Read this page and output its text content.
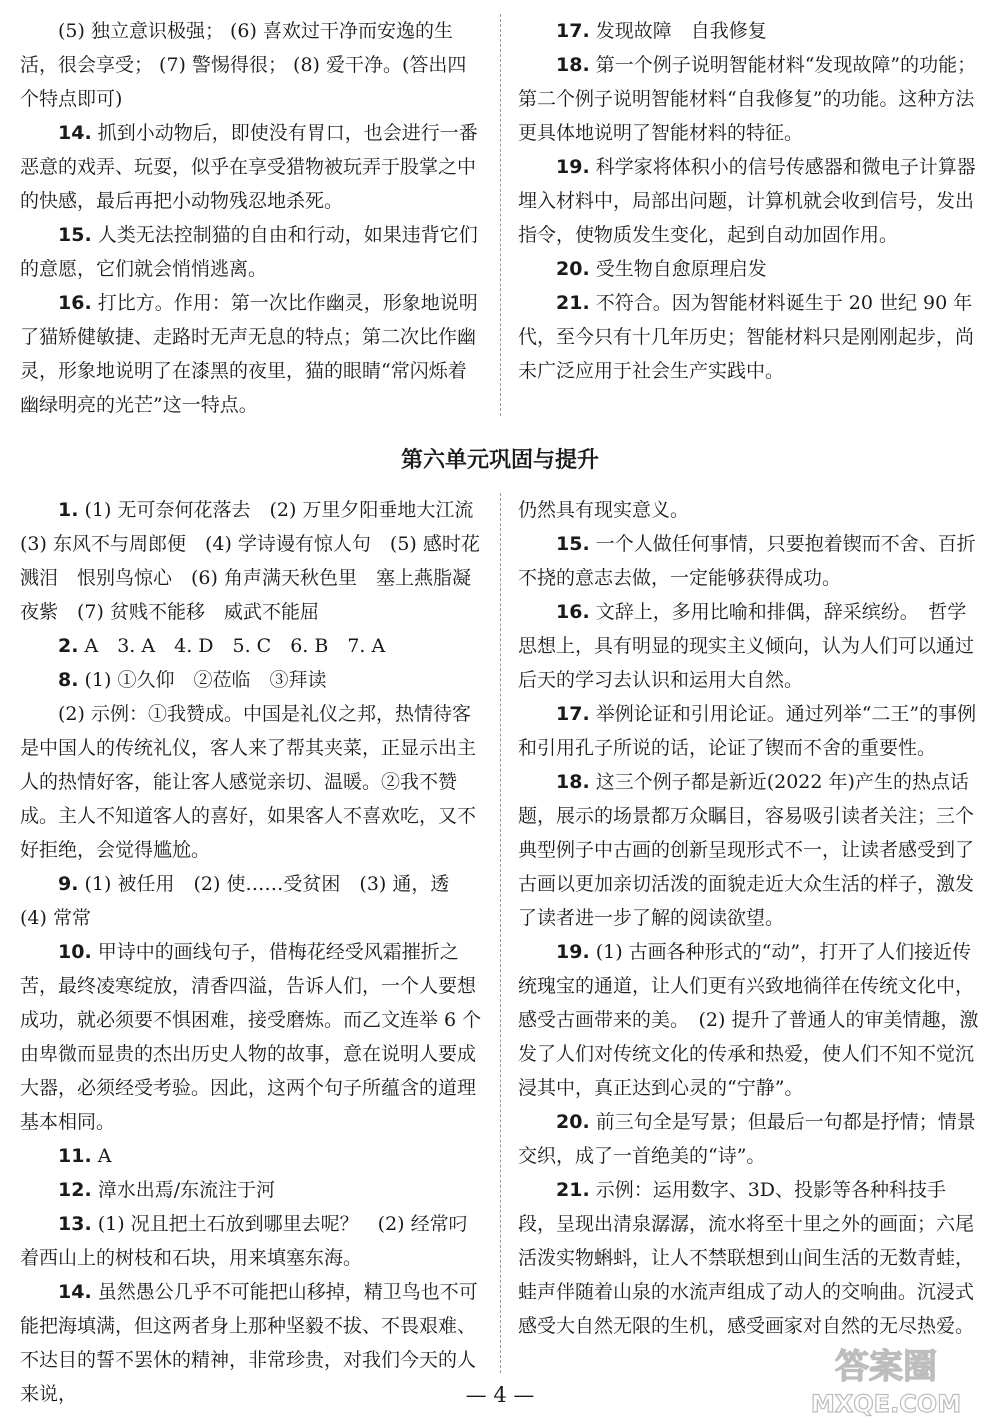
(5) 独立意识极强； (6) 喜欢过干净而安逸的生活，很会享受； (7) 警惕得很； (8) 爱干净。(答出四个特点即可)

14. 抓到小动物后，即使没有胃口，也会进行一番恶意的戏弄、玩耍，似乎在享受猎物被玩弄于股掌之中的快感，最后再把小动物残忍地杀死。

15. 人类无法控制猫的自由和行动，如果违背它们的意愿，它们就会悄悄逃离。

16. 打比方。作用：第一次比作幽灵，形象地说明了猫矫健敏捷、走路时无声无息的特点；第二次比作幽灵，形象地说明了在漆黑的夜里，猫的眼睛“常闪烁着幽绿明亮的光芒”这一特点。

17. 发现故障　自我修复

18. 第一个例子说明智能材料“发现故障”的功能；第二个例子说明智能材料“自我修复”的功能。这种方法更具体地说明了智能材料的特征。

19. 科学家将体积小的信号传感器和微电子计算器埋入材料中，局部出问题，计算机就会收到信号，发出指令，使物质发生变化，起到自动加固作用。

20. 受生物自愈原理启发

21. 不符合。因为智能材料诞生于 20 世纪 90 年代，至今只有十几年历史；智能材料只是刚刚起步，尚未广泛应用于社会生产实践中。

第六单元巩固与提升

1. (1) 无可奈何花落去　(2) 万里夕阳垂地大江流　(3) 东风不与周郎便　(4) 学诗谩有惊人句　(5) 感时花溅泪　恨别鸟惊心　(6) 角声满天秋色里　塞上燕脂凝夜紫　(7) 贫贱不能移　威武不能屈

2. A　3. A　4. D　5. C　6. B　7. A

8. (1) ①久仰　②莅临　③拜读

(2) 示例：①我赞成。中国是礼仪之邦，热情待客是中国人的传统礼仪，客人来了帮其夹菜，正显示出主人的热情好客，能让客人感觉亲切、温暖。②我不赞成。主人不知道客人的喜好，如果客人不喜欢吃，又不好拒绝，会觉得尴尬。

9. (1) 被任用　(2) 使……受贫困　(3) 通，透　(4) 常常

10. 甲诗中的画线句子，借梅花经受风霜摧折之苦，最终凌寒绽放，清香四溢，告诉人们，一个人要想成功，就必须要不惧困难，接受磨炼。而乙文连举 6 个由卑微而显贵的杰出历史人物的故事，意在说明人要成大器，必须经受考验。因此，这两个句子所蕴含的道理基本相同。

11. A

12. 漳水出焉/东流注于河

13. (1) 况且把土石放到哪里去呢？　(2) 经常叼着西山上的树枝和石块，用来填塞东海。

14. 虽然愚公几乎不可能把山移掉，精卫鸟也不可能把海填满，但这两者身上那种坚毅不拔、不畏艰难、不达目的誓不罢休的精神，非常珍贵，对我们今天的人来说，

仍然具有现实意义。

15. 一个人做任何事情，只要抱着锲而不舍、百折不挠的意志去做，一定能够获得成功。

16. 文辞上，多用比喻和排偶，辞采缤纷。　哲学思想上，具有明显的现实主义倾向，认为人们可以通过后天的学习去认识和运用大自然。

17. 举例论证和引用论证。通过列举“二王”的事例和引用孔子所说的话，论证了锲而不舍的重要性。

18. 这三个例子都是新近(2022 年)产生的热点话题，展示的场景都万众瞩目，容易吸引读者关注；三个典型例子中古画的创新呈现形式不一，让读者感受到了古画以更加亲切活泼的面貌走近大众生活的样子，激发了读者进一步了解的阅读欲望。

19. (1) 古画各种形式的“动”，打开了人们接近传统瑰宝的通道，让人们更有兴致地徜徉在传统文化中，感受古画带来的美。　(2) 提升了普通人的审美情趣，激发了人们对传统文化的传承和热爱，使人们不知不觉沉浸其中，真正达到心灵的“宁静”。

20. 前三句全是写景；但最后一句都是抒情；情景交织，成了一首绝美的“诗”。

21. 示例：运用数字、3D、投影等各种科技手段，呈现出清泉潺潺，流水将至十里之外的画面；六尾活泼实物蝌蚪，让人不禁联想到山间生活的无数青蛙，蛙声伴随着山泉的水流声组成了动人的交响曲。沉浸式感受大自然无限的生机，感受画家对自然的无尽热爱。

— 4 —
答案圈
MXQE.COM
